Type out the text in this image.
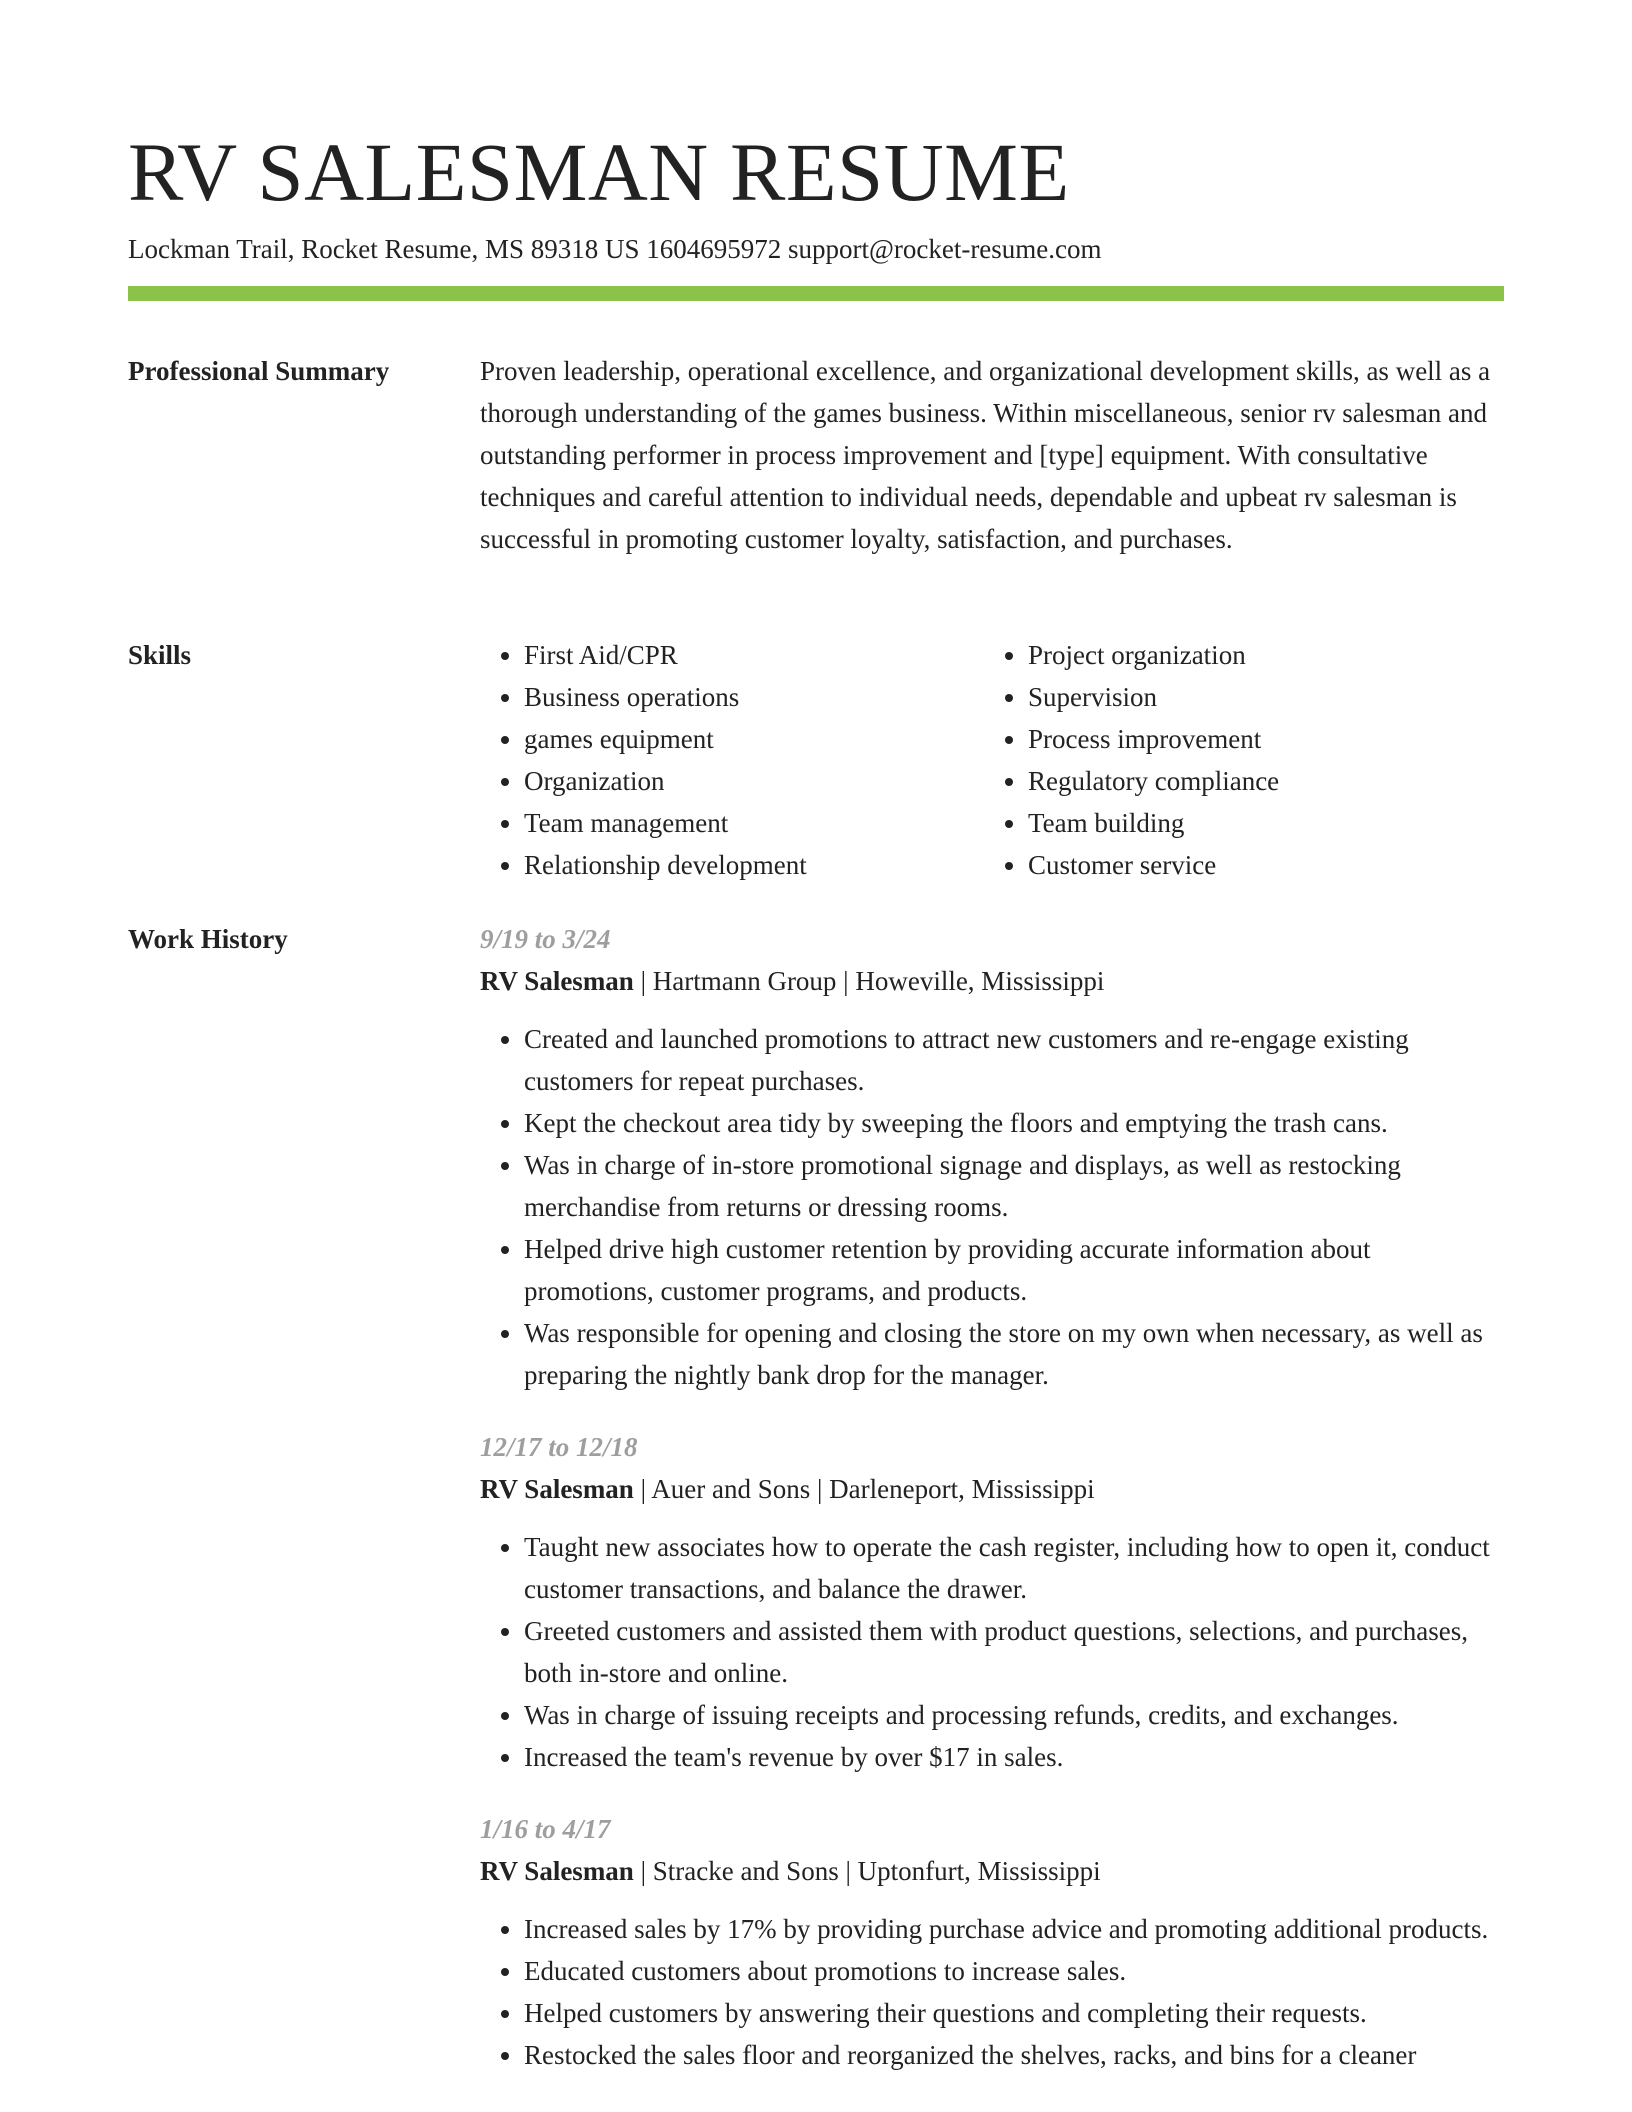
RV SALESMAN RESUME
Lockman Trail, Rocket Resume, MS 89318 US 1604695972 support@rocket-resume.com
Professional Summary	Proven leadership, operational excellence, and organizational development skills, as well as a thorough understanding of the games business. Within miscellaneous, senior rv salesman and outstanding performer in process improvement and [type] equipment. With consultative techniques and careful attention to individual needs, dependable and upbeat rv salesman is successful in promoting customer loyalty, satisfaction, and purchases.

Skills
•	First Aid/CPR
• Business operations
• games equipment
• Organization
• Team management
• Relationship development
• Project organization
• Supervision
• Process improvement
• Regulatory compliance
• Team building
• Customer service
Work History	9/19 to 3/24
RV Salesman | Hartmann Group | Howeville, Mississippi
• Created and launched promotions to attract new customers and re-engage existing customers for repeat purchases.
• Kept the checkout area tidy by sweeping the floors and emptying the trash cans.
• Was in charge of in-store promotional signage and displays, as well as restocking merchandise from returns or dressing rooms.
• Helped drive high customer retention by providing accurate information about promotions, customer programs, and products.
• Was responsible for opening and closing the store on my own when necessary, as well as preparing the nightly bank drop for the manager.
12/17 to 12/18
RV Salesman | Auer and Sons | Darleneport, Mississippi
• Taught new associates how to operate the cash register, including how to open it, conduct customer transactions, and balance the drawer.
• Greeted customers and assisted them with product questions, selections, and purchases, both in-store and online.
• Was in charge of issuing receipts and processing refunds, credits, and exchanges.
• Increased the team's revenue by over $17 in sales.
1/16 to 4/17
RV Salesman | Stracke and Sons | Uptonfurt, Mississippi
• Increased sales by 17% by providing purchase advice and promoting additional products.
• Educated customers about promotions to increase sales.
• Helped customers by answering their questions and completing their requests.
• Restocked the sales floor and reorganized the shelves, racks, and bins for a cleaner
